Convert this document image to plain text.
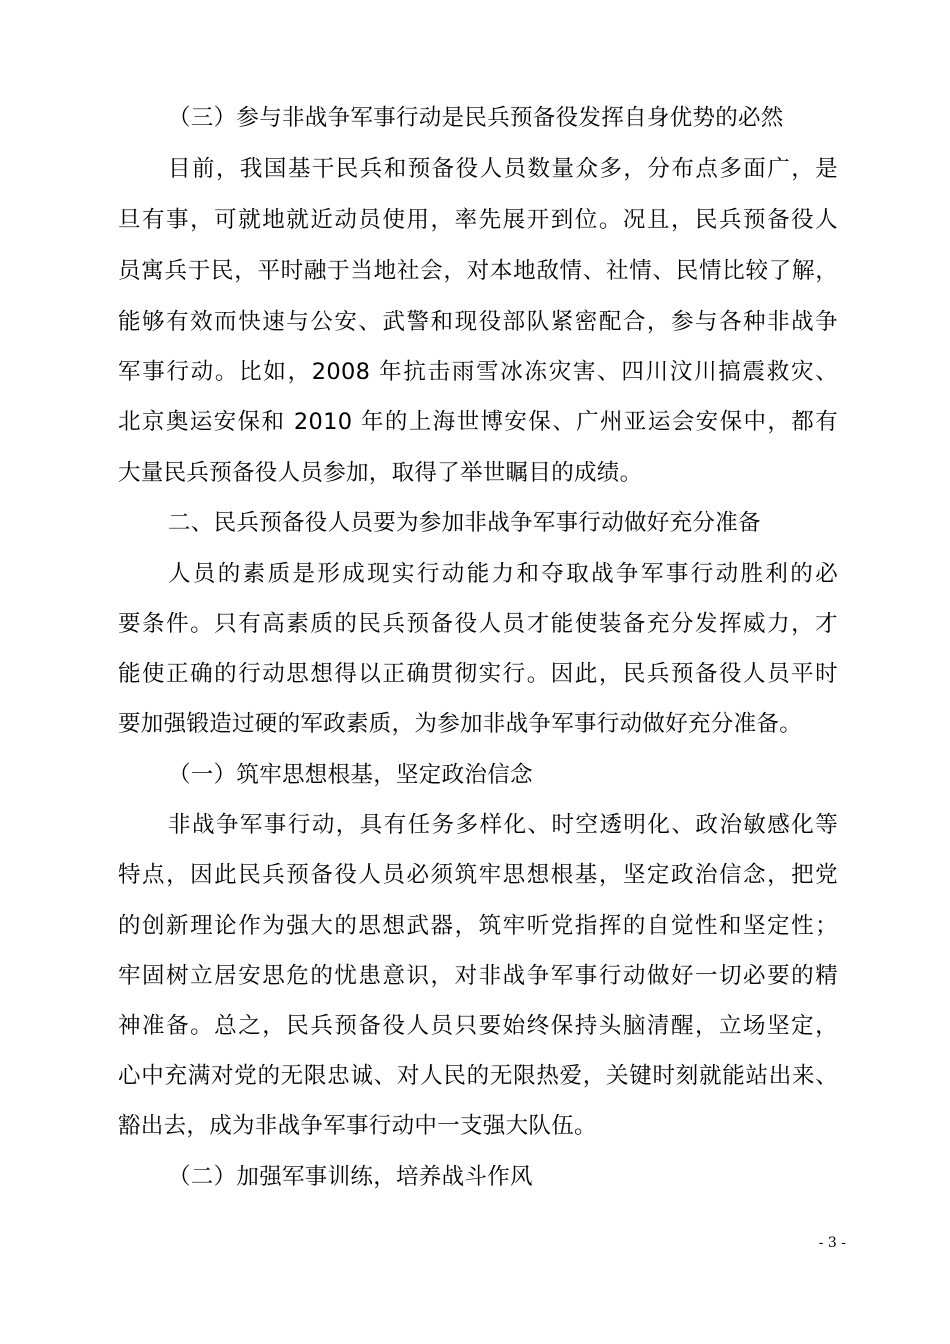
（三）参与非战争军事行动是民兵预备役发挥自身优势的必然
目前，我国基干民兵和预备役人员数量众多，分布点多面广，是
旦有事，可就地就近动员使用，率先展开到位。况且，民兵预备役人
员寓兵于民，平时融于当地社会，对本地敌情、社情、民情比较了解，
能够有效而快速与公安、武警和现役部队紧密配合，参与各种非战争
军事行动。比如，2008 年抗击雨雪冰冻灾害、四川汶川搞震救灾、
北京奥运安保和 2010 年的上海世博安保、广州亚运会安保中，都有
大量民兵预备役人员参加，取得了举世瞩目的成绩。
二、民兵预备役人员要为参加非战争军事行动做好充分准备
人员的素质是形成现实行动能力和夺取战争军事行动胜利的必
要条件。只有高素质的民兵预备役人员才能使装备充分发挥威力，才
能使正确的行动思想得以正确贯彻实行。因此，民兵预备役人员平时
要加强锻造过硬的军政素质，为参加非战争军事行动做好充分准备。
（一）筑牢思想根基，坚定政治信念
非战争军事行动，具有任务多样化、时空透明化、政治敏感化等
特点，因此民兵预备役人员必须筑牢思想根基，坚定政治信念，把党
的创新理论作为强大的思想武器，筑牢听党指挥的自觉性和坚定性；
牢固树立居安思危的忧患意识，对非战争军事行动做好一切必要的精
神准备。总之，民兵预备役人员只要始终保持头脑清醒，立场坚定，
心中充满对党的无限忠诚、对人民的无限热爱，关键时刻就能站出来、
豁出去，成为非战争军事行动中一支强大队伍。
（二）加强军事训练，培养战斗作风
- 3 -
